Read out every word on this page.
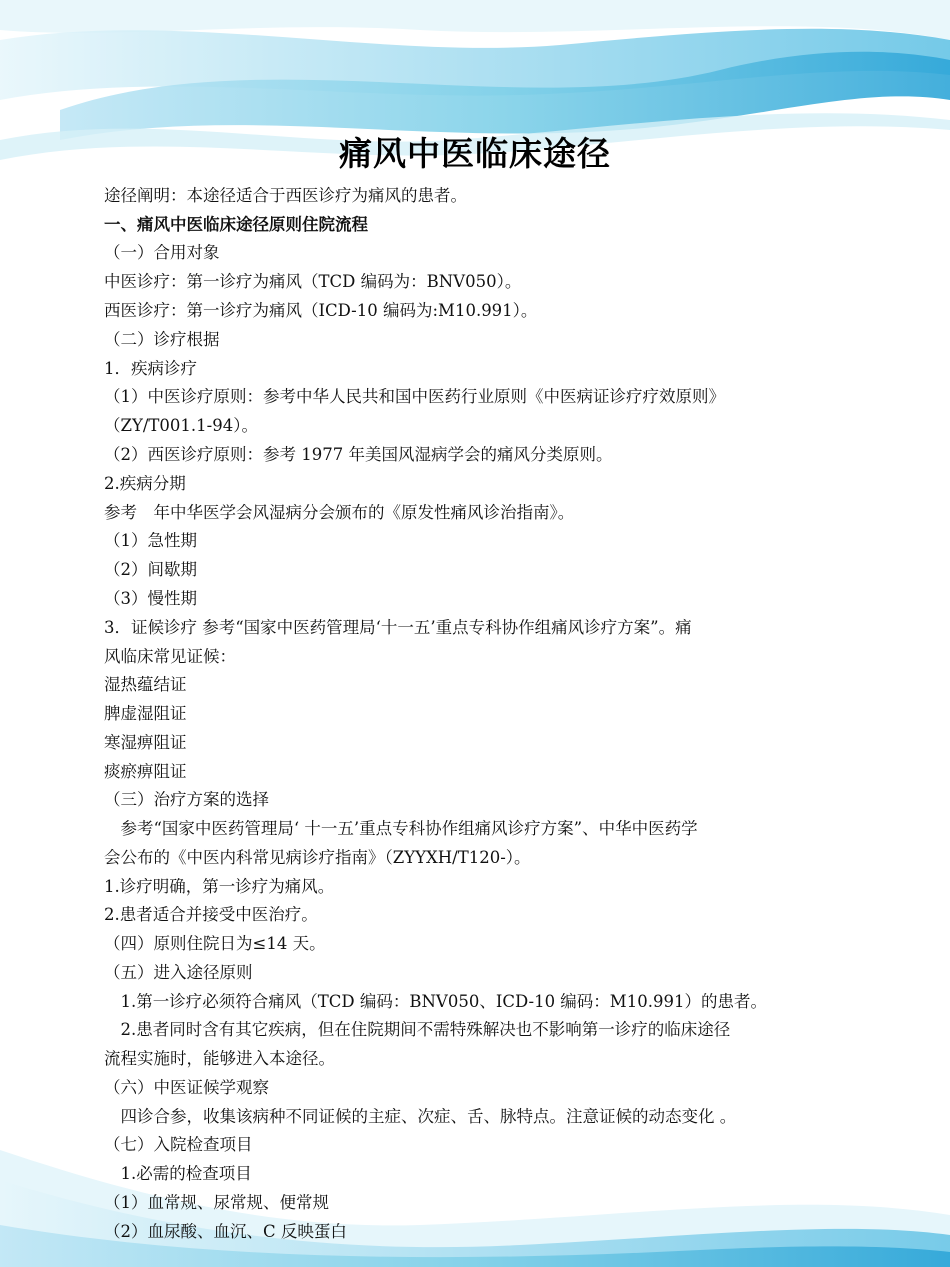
痛风中医临床途径
途径阐明：本途径适合于西医诊疗为痛风的患者。
一、痛风中医临床途径原则住院流程
（一）合用对象
中医诊疗：第一诊疗为痛风（TCD 编码为：BNV050）。
西医诊疗：第一诊疗为痛风（ICD-10 编码为:M10.991）。
（二）诊疗根据
1．疾病诊疗
（1）中医诊疗原则：参考中华人民共和国中医药行业原则《中医病证诊疗疗效原则》
（ZY/T001.1-94）。
（2）西医诊疗原则：参考 1977 年美国风湿病学会的痛风分类原则。
2.疾病分期
参考　年中华医学会风湿病分会颁布的《原发性痛风诊治指南》。
（1）急性期
（2）间歇期
（3）慢性期
3．证候诊疗 参考“国家中医药管理局‘十一五’重点专科协作组痛风诊疗方案”。痛
风临床常见证候：
湿热蕴结证
脾虚湿阻证
寒湿痹阻证
痰瘀痹阻证
（三）治疗方案的选择
　参考“国家中医药管理局‘ 十一五’重点专科协作组痛风诊疗方案”、中华中医药学
会公布的《中医内科常见病诊疗指南》（ZYYXH/T120-）。
1.诊疗明确，第一诊疗为痛风。
2.患者适合并接受中医治疗。
（四）原则住院日为≤14 天。
（五）进入途径原则
　1.第一诊疗必须符合痛风（TCD 编码：BNV050、ICD-10 编码：M10.991）的患者。
　2.患者同时含有其它疾病，但在住院期间不需特殊解决也不影响第一诊疗的临床途径
流程实施时，能够进入本途径。
（六）中医证候学观察
　四诊合参，收集该病种不同证候的主症、次症、舌、脉特点。注意证候的动态变化 。
（七）入院检查项目
　1.必需的检查项目
（1）血常规、尿常规、便常规
（2）血尿酸、血沉、C 反映蛋白
